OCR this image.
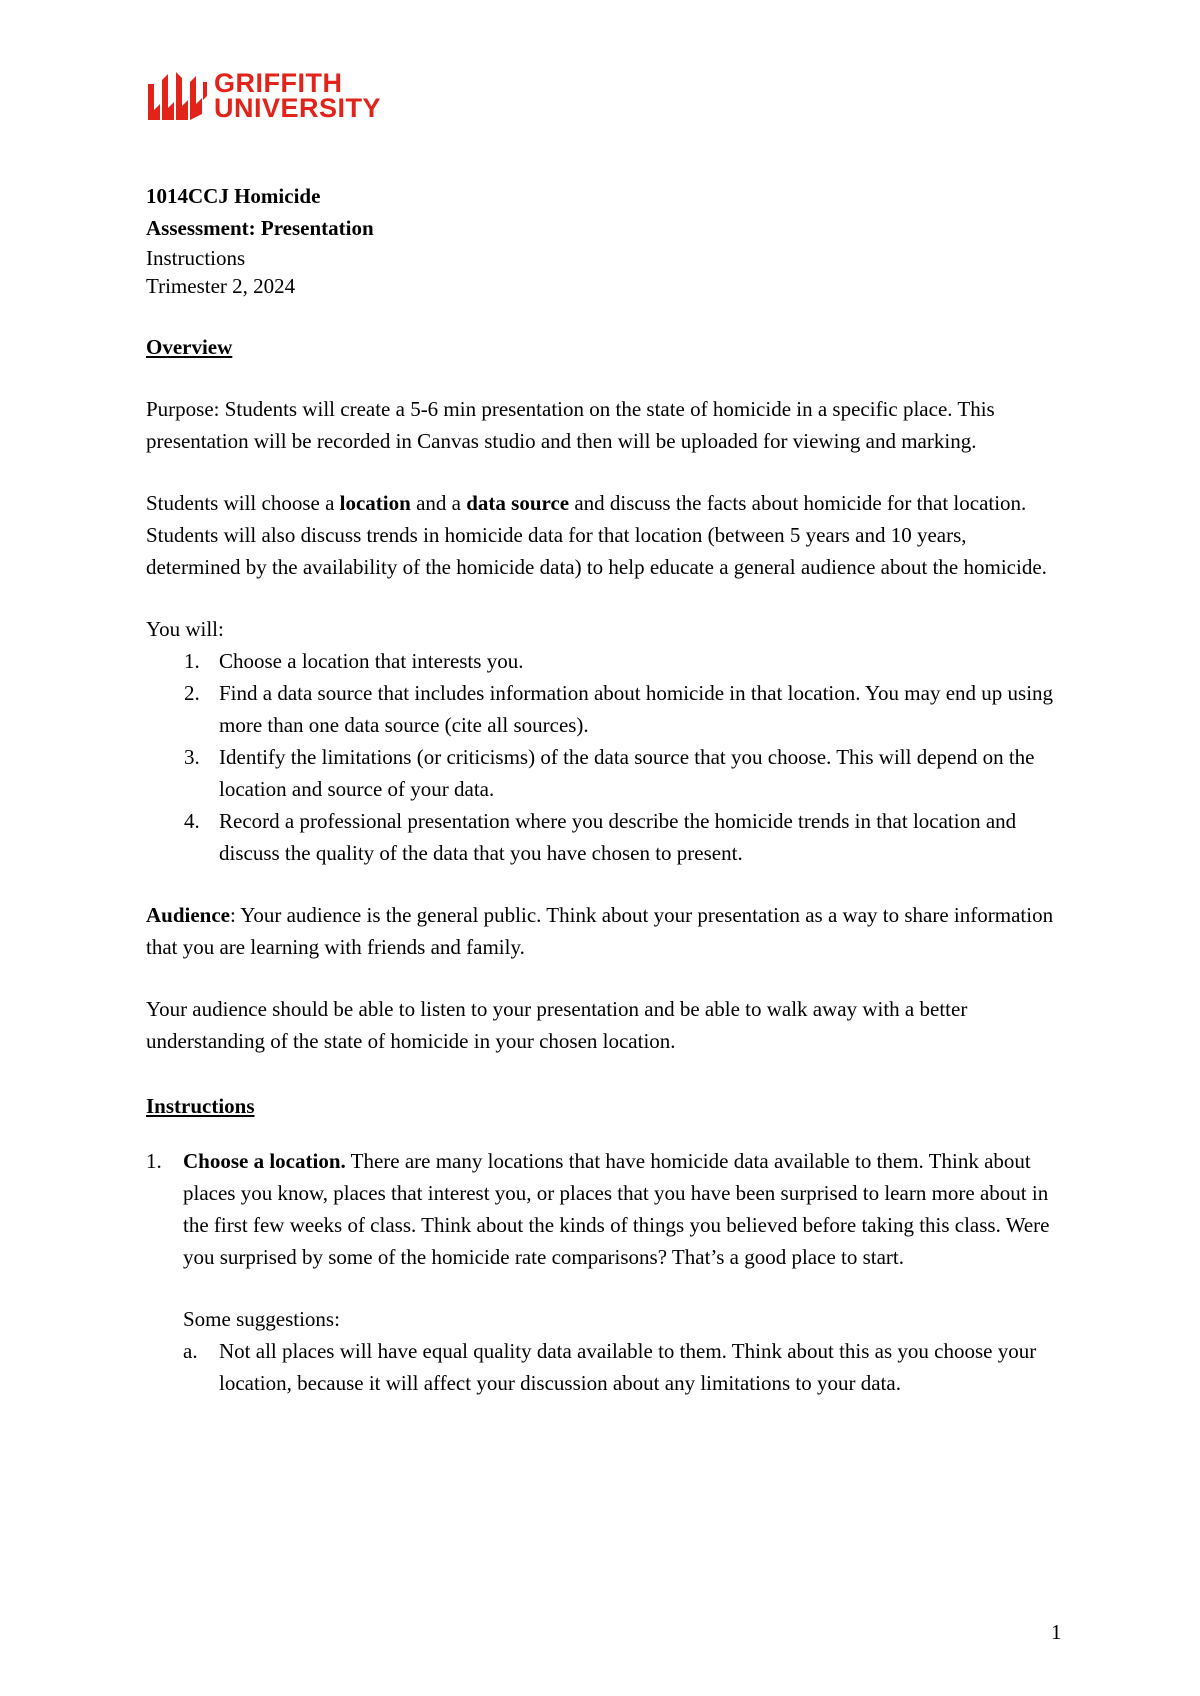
GRIFFITH
UNIVERSITY

1014CCJ Homicide

Assessment: Presentation

Instructions

Trimester 2, 2024

Overview

Purpose: Students will create a 5-6 min presentation on the state of homicide in a specific place. This presentation will be recorded in Canvas studio and then will be uploaded for viewing and marking.

Students will choose a location and a data source and discuss the facts about homicide for that location. Students will also discuss trends in homicide data for that location (between 5 years and 10 years, determined by the availability of the homicide data) to help educate a general audience about the homicide.

You will:

1. Choose a location that interests you.
2. Find a data source that includes information about homicide in that location. You may end up using more than one data source (cite all sources).
3. Identify the limitations (or criticisms) of the data source that you choose. This will depend on the location and source of your data.
4. Record a professional presentation where you describe the homicide trends in that location and discuss the quality of the data that you have chosen to present.

Audience: Your audience is the general public. Think about your presentation as a way to share information that you are learning with friends and family.

Your audience should be able to listen to your presentation and be able to walk away with a better understanding of the state of homicide in your chosen location.

Instructions

1. Choose a location. There are many locations that have homicide data available to them. Think about places you know, places that interest you, or places that you have been surprised to learn more about in the first few weeks of class. Think about the kinds of things you believed before taking this class. Were you surprised by some of the homicide rate comparisons? That’s a good place to start.

Some suggestions:

a. Not all places will have equal quality data available to them. Think about this as you choose your location, because it will affect your discussion about any limitations to your data.
1
